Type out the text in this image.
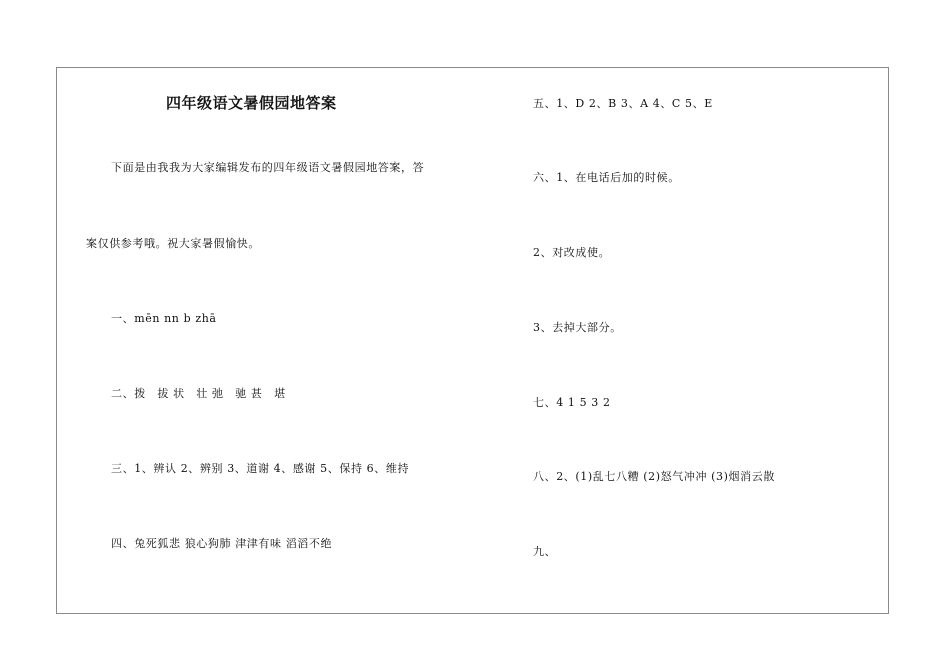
四年级语文暑假园地答案
下面是由我我为大家编辑发布的四年级语文暑假园地答案，答
案仅供参考哦。祝大家暑假愉快。
一、mēn nn b zhā
二、拨　拔 状　壮 弛　驰 甚　堪
三、1、辨认 2、辨别 3、道谢 4、感谢 5、保持 6、维持
四、兔死狐悲 狼心狗肺 津津有味 滔滔不绝
五、1、D 2、B 3、A 4、C 5、E
六、1、在电话后加的时候。
2、对改成使。
3、去掉大部分。
七、4 1 5 3 2
八、2、(1)乱七八糟 (2)怒气冲冲 (3)烟消云散
九、
